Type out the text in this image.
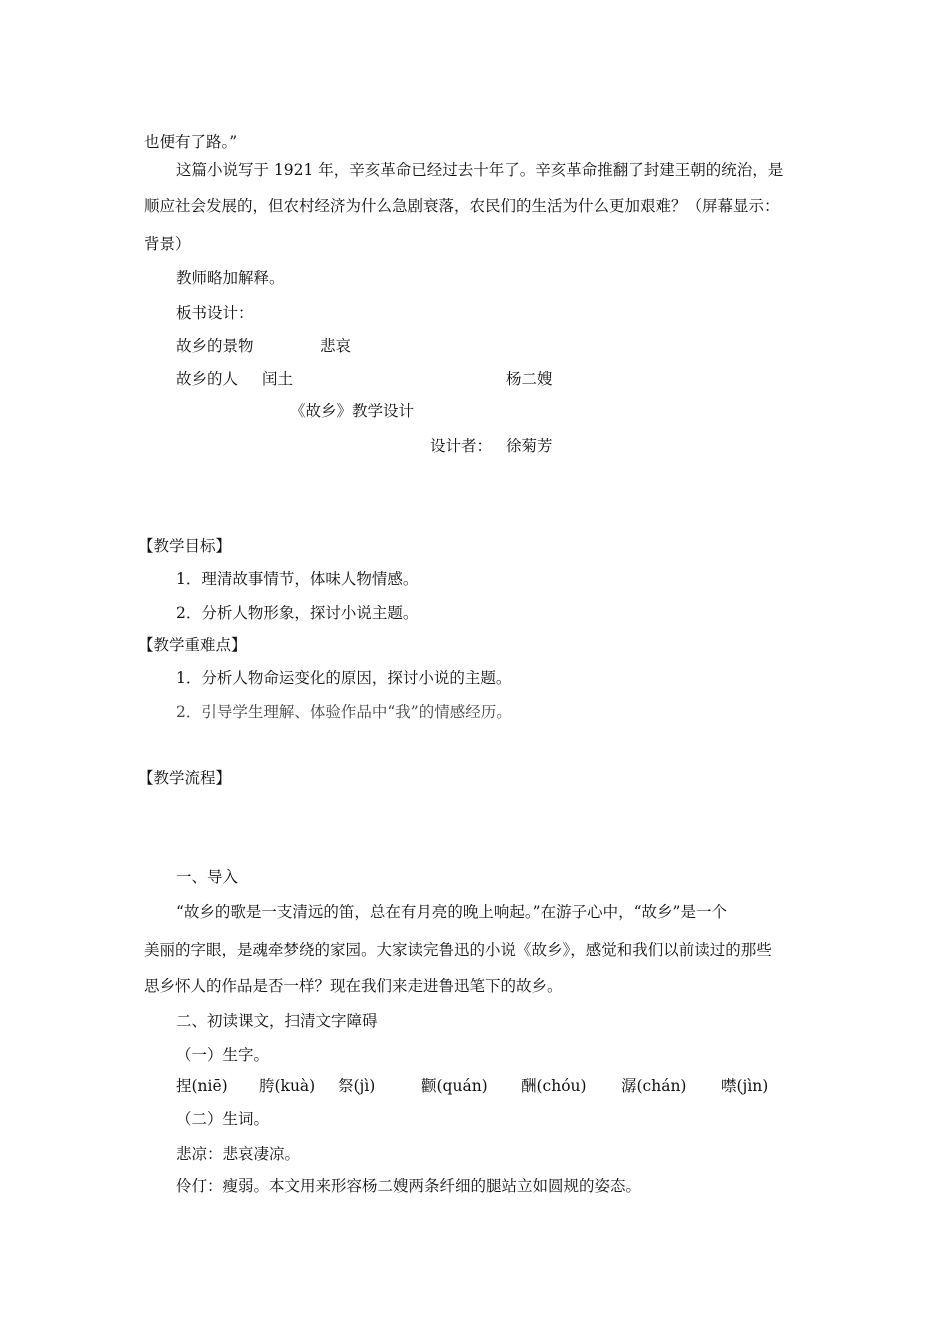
也便有了路。”
这篇小说写于 1921 年，辛亥革命已经过去十年了。辛亥革命推翻了封建王朝的统治，是
顺应社会发展的，但农村经济为什么急剧衰落，农民们的生活为什么更加艰难？（屏幕显示：
背景）
教师略加解释。
板书设计：
故乡的景物	悲哀
故乡的人 闰土	杨二嫂
《故乡》教学设计
设计者： 徐菊芳
【教学目标】
1．理清故事情节，体味人物情感。
2．分析人物形象，探讨小说主题。
【教学重难点】
1．分析人物命运变化的原因，探讨小说的主题。
2．引导学生理解、体验作品中“我”的情感经历。
【教学流程】
一、导入
“故乡的歌是一支清远的笛，总在有月亮的晚上响起。”在游子心中，“故乡”是一个
美丽的字眼，是魂牵梦绕的家园。大家读完鲁迅的小说《故乡》，感觉和我们以前读过的那些
思乡怀人的作品是否一样？现在我们来走进鲁迅笔下的故乡。
二、初读课文，扫清文字障碍
（一）生字。
捏(niē) 胯(kuà) 祭(jì)	颧(quán) 酬(chóu) 潺(chán) 噤(jìn)
（二）生词。
悲凉：悲哀凄凉。
伶仃：瘦弱。本文用来形容杨二嫂两条纤细的腿站立如圆规的姿态。
